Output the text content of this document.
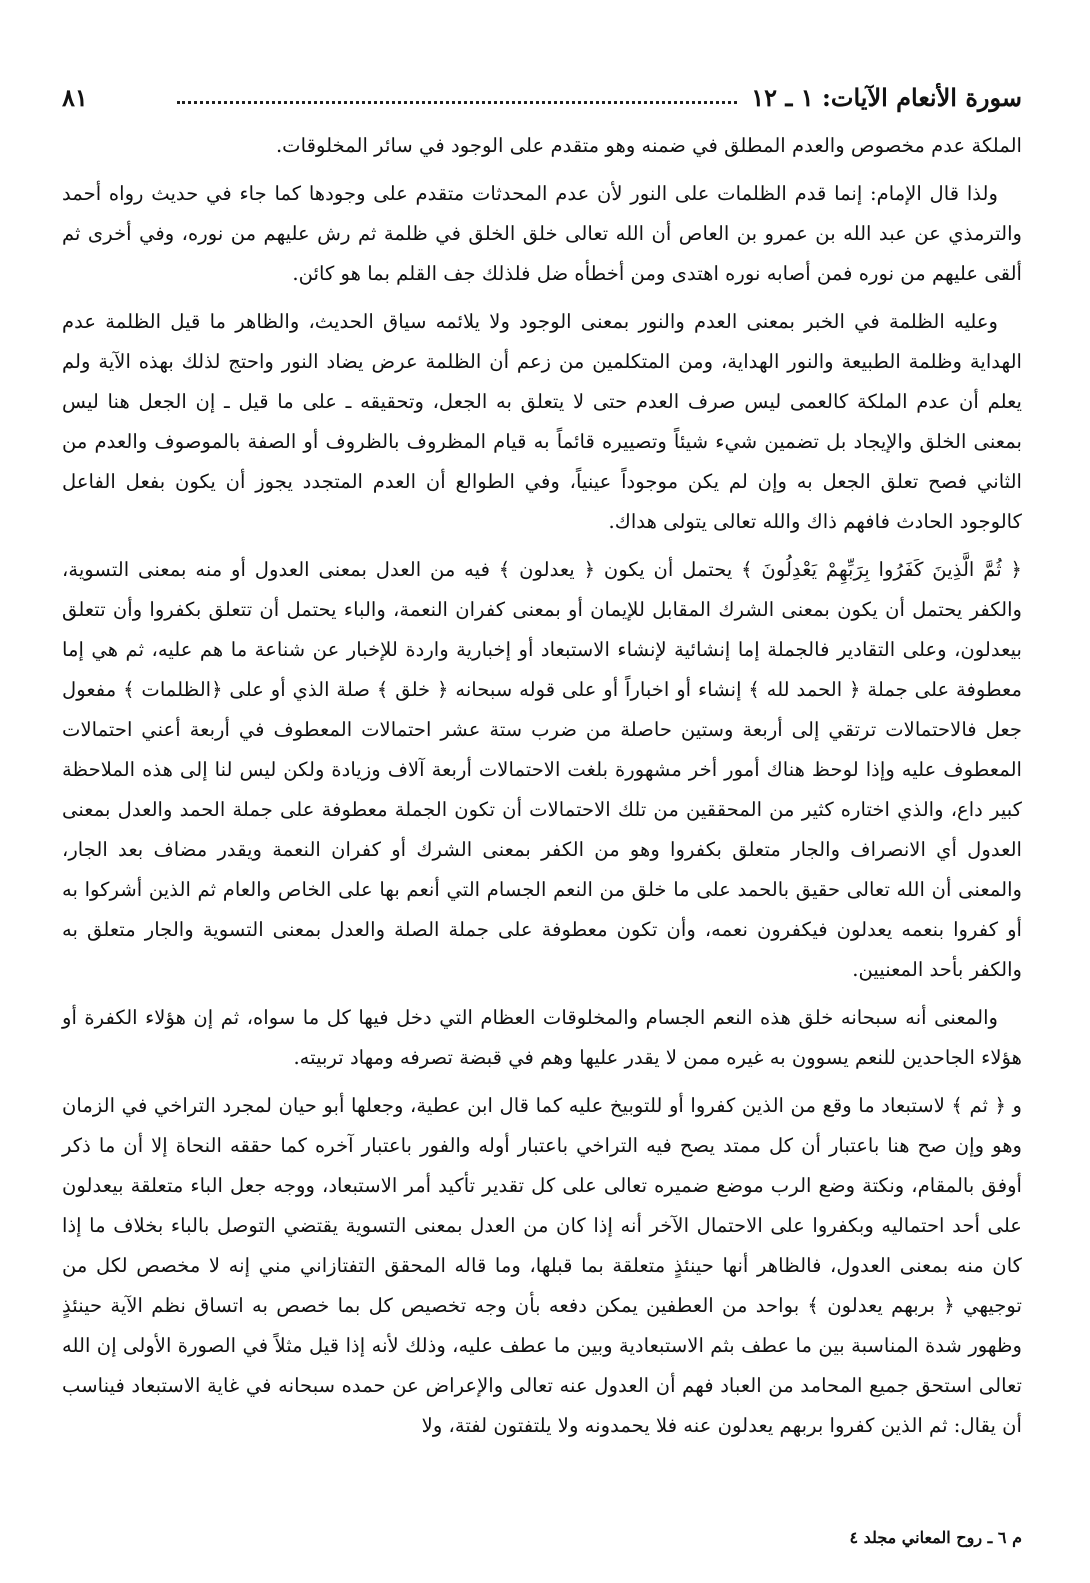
سورة الأنعام الآيات: ١ ـ ١٢
٨١

الملكة عدم مخصوص والعدم المطلق في ضمنه وهو متقدم على الوجود في سائر المخلوقات.

ولذا قال الإمام: إنما قدم الظلمات على النور لأن عدم المحدثات متقدم على وجودها كما جاء في حديث رواه أحمد والترمذي عن عبد الله بن عمرو بن العاص أن الله تعالى خلق الخلق في ظلمة ثم رش عليهم من نوره، وفي أخرى ثم ألقى عليهم من نوره فمن أصابه نوره اهتدى ومن أخطأه ضل فلذلك جف القلم بما هو كائن.

وعليه الظلمة في الخبر بمعنى العدم والنور بمعنى الوجود ولا يلائمه سياق الحديث، والظاهر ما قيل الظلمة عدم الهداية وظلمة الطبيعة والنور الهداية، ومن المتكلمين من زعم أن الظلمة عرض يضاد النور واحتج لذلك بهذه الآية ولم يعلم أن عدم الملكة كالعمى ليس صرف العدم حتى لا يتعلق به الجعل، وتحقيقه ـ على ما قيل ـ إن الجعل هنا ليس بمعنى الخلق والإيجاد بل تضمين شيء شيئاً وتصييره قائماً به قيام المظروف بالظروف أو الصفة بالموصوف والعدم من الثاني فصح تعلق الجعل به وإن لم يكن موجوداً عينياً، وفي الطوالع أن العدم المتجدد يجوز أن يكون بفعل الفاعل كالوجود الحادث فافهم ذاك والله تعالى يتولى هداك.

﴿ ثُمَّ الَّذِينَ كَفَرُوا بِرَبِّهِمْ يَعْدِلُونَ ﴾ يحتمل أن يكون ﴿ يعدلون ﴾ فيه من العدل بمعنى العدول أو منه بمعنى التسوية، والكفر يحتمل أن يكون بمعنى الشرك المقابل للإيمان أو بمعنى كفران النعمة، والباء يحتمل أن تتعلق بكفروا وأن تتعلق بيعدلون، وعلى التقادير فالجملة إما إنشائية لإنشاء الاستبعاد أو إخبارية واردة للإخبار عن شناعة ما هم عليه، ثم هي إما معطوفة على جملة ﴿ الحمد لله ﴾ إنشاء أو اخباراً أو على قوله سبحانه ﴿ خلق ﴾ صلة الذي أو على ﴿الظلمات ﴾ مفعول جعل فالاحتمالات ترتقي إلى أربعة وستين حاصلة من ضرب ستة عشر احتمالات المعطوف في أربعة أعني احتمالات المعطوف عليه وإذا لوحظ هناك أمور أخر مشهورة بلغت الاحتمالات أربعة آلاف وزيادة ولكن ليس لنا إلى هذه الملاحظة كبير داع، والذي اختاره كثير من المحققين من تلك الاحتمالات أن تكون الجملة معطوفة على جملة الحمد والعدل بمعنى العدول أي الانصراف والجار متعلق بكفروا وهو من الكفر بمعنى الشرك أو كفران النعمة ويقدر مضاف بعد الجار، والمعنى أن الله تعالى حقيق بالحمد على ما خلق من النعم الجسام التي أنعم بها على الخاص والعام ثم الذين أشركوا به أو كفروا بنعمه يعدلون فيكفرون نعمه، وأن تكون معطوفة على جملة الصلة والعدل بمعنى التسوية والجار متعلق به والكفر بأحد المعنيين.

والمعنى أنه سبحانه خلق هذه النعم الجسام والمخلوقات العظام التي دخل فيها كل ما سواه، ثم إن هؤلاء الكفرة أو هؤلاء الجاحدين للنعم يسوون به غيره ممن لا يقدر عليها وهم في قبضة تصرفه ومهاد تربيته.

و ﴿ ثم ﴾ لاستبعاد ما وقع من الذين كفروا أو للتوبيخ عليه كما قال ابن عطية، وجعلها أبو حيان لمجرد التراخي في الزمان وهو وإن صح هنا باعتبار أن كل ممتد يصح فيه التراخي باعتبار أوله والفور باعتبار آخره كما حققه النحاة إلا أن ما ذكر أوفق بالمقام، ونكتة وضع الرب موضع ضميره تعالى على كل تقدير تأكيد أمر الاستبعاد، ووجه جعل الباء متعلقة بيعدلون على أحد احتماليه وبكفروا على الاحتمال الآخر أنه إذا كان من العدل بمعنى التسوية يقتضي التوصل بالباء بخلاف ما إذا كان منه بمعنى العدول، فالظاهر أنها حينئذٍ متعلقة بما قبلها، وما قاله المحقق التفتازاني مني إنه لا مخصص لكل من توجيهي ﴿ بربهم يعدلون ﴾ بواحد من العطفين يمكن دفعه بأن وجه تخصيص كل بما خصص به اتساق نظم الآية حينئذٍ وظهور شدة المناسبة بين ما عطف بثم الاستبعادية وبين ما عطف عليه، وذلك لأنه إذا قيل مثلاً في الصورة الأولى إن الله تعالى استحق جميع المحامد من العباد فهم أن العدول عنه تعالى والإعراض عن حمده سبحانه في غاية الاستبعاد فيناسب أن يقال: ثم الذين كفروا بربهم يعدلون عنه فلا يحمدونه ولا يلتفتون لفتة، ولا

م ٦ ـ روح المعاني مجلد ٤
